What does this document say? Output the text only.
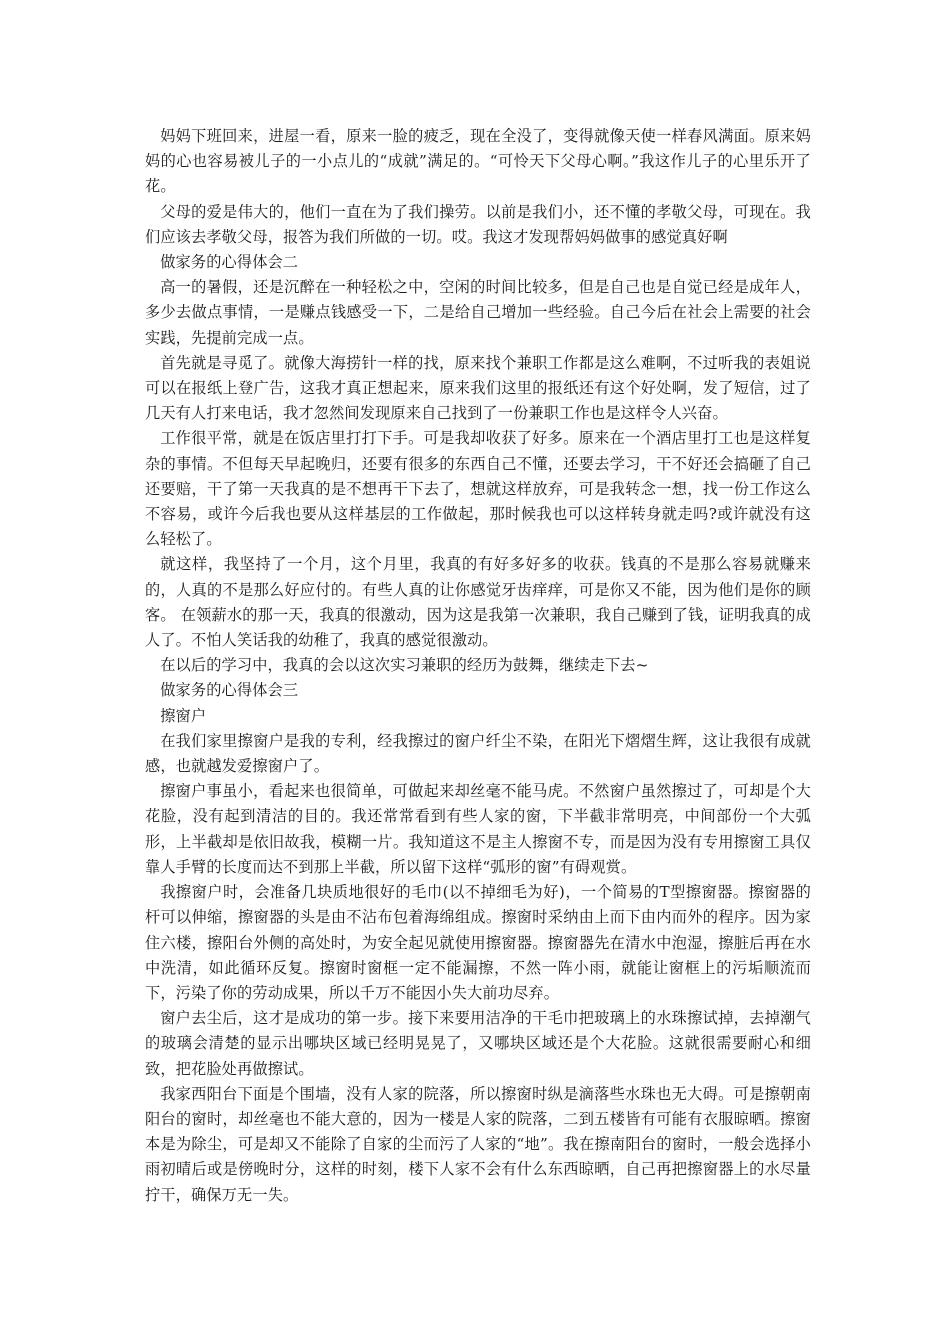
妈妈下班回来，进屋一看，原来一脸的疲乏，现在全没了，变得就像天使一样春风满面。原来妈妈的心也容易被儿子的一小点儿的“成就”满足的。“可怜天下父母心啊。”我这作儿子的心里乐开了花。

父母的爱是伟大的，他们一直在为了我们操劳。以前是我们小，还不懂的孝敬父母，可现在。我们应该去孝敬父母，报答为我们所做的一切。哎。我这才发现帮妈妈做事的感觉真好啊

做家务的心得体会二

高一的暑假，还是沉醉在一种轻松之中，空闲的时间比较多，但是自己也是自觉已经是成年人，多少去做点事情，一是赚点钱感受一下，二是给自己增加一些经验。自己今后在社会上需要的社会实践，先提前完成一点。

首先就是寻觅了。就像大海捞针一样的找，原来找个兼职工作都是这么难啊，不过听我的表姐说可以在报纸上登广告，这我才真正想起来，原来我们这里的报纸还有这个好处啊，发了短信，过了几天有人打来电话，我才忽然间发现原来自己找到了一份兼职工作也是这样令人兴奋。

工作很平常，就是在饭店里打打下手。可是我却收获了好多。原来在一个酒店里打工也是这样复杂的事情。不但每天早起晚归，还要有很多的东西自己不懂，还要去学习，干不好还会搞砸了自己还要赔，干了第一天我真的是不想再干下去了，想就这样放弃，可是我转念一想，找一份工作这么不容易，或许今后我也要从这样基层的工作做起，那时候我也可以这样转身就走吗?或许就没有这么轻松了。

就这样，我坚持了一个月，这个月里，我真的有好多好多的收获。钱真的不是那么容易就赚来的，人真的不是那么好应付的。有些人真的让你感觉牙齿痒痒，可是你又不能，因为他们是你的顾客。 在领薪水的那一天，我真的很激动，因为这是我第一次兼职，我自己赚到了钱，证明我真的成人了。不怕人笑话我的幼稚了，我真的感觉很激动。

在以后的学习中，我真的会以这次实习兼职的经历为鼓舞，继续走下去~

做家务的心得体会三

擦窗户

在我们家里擦窗户是我的专利，经我擦过的窗户纤尘不染，在阳光下熠熠生辉，这让我很有成就感，也就越发爱擦窗户了。

擦窗户事虽小，看起来也很简单，可做起来却丝毫不能马虎。不然窗户虽然擦过了，可却是个大花脸，没有起到清洁的目的。我还常常看到有些人家的窗，下半截非常明亮，中间部份一个大弧形，上半截却是依旧故我，模糊一片。我知道这不是主人擦窗不专，而是因为没有专用擦窗工具仅靠人手臂的长度而达不到那上半截，所以留下这样“弧形的窗”有碍观赏。

我擦窗户时，会准备几块质地很好的毛巾(以不掉细毛为好)，一个简易的T型擦窗器。擦窗器的杆可以伸缩，擦窗器的头是由不沾布包着海绵组成。擦窗时采纳由上而下由内而外的程序。因为家住六楼，擦阳台外侧的高处时，为安全起见就使用擦窗器。擦窗器先在清水中泡湿，擦脏后再在水中洗清，如此循环反复。擦窗时窗框一定不能漏擦，不然一阵小雨，就能让窗框上的污垢顺流而下，污染了你的劳动成果，所以千万不能因小失大前功尽弃。

窗户去尘后，这才是成功的第一步。接下来要用洁净的干毛巾把玻璃上的水珠擦试掉，去掉潮气的玻璃会清楚的显示出哪块区域已经明晃晃了，又哪块区域还是个大花脸。这就很需要耐心和细致，把花脸处再做擦试。

我家西阳台下面是个围墙，没有人家的院落，所以擦窗时纵是滴落些水珠也无大碍。可是擦朝南阳台的窗时，却丝毫也不能大意的，因为一楼是人家的院落，二到五楼皆有可能有衣服晾晒。擦窗本是为除尘，可是却又不能除了自家的尘而污了人家的“地”。我在擦南阳台的窗时，一般会选择小雨初晴后或是傍晚时分，这样的时刻，楼下人家不会有什么东西晾晒，自己再把擦窗器上的水尽量拧干，确保万无一失。
